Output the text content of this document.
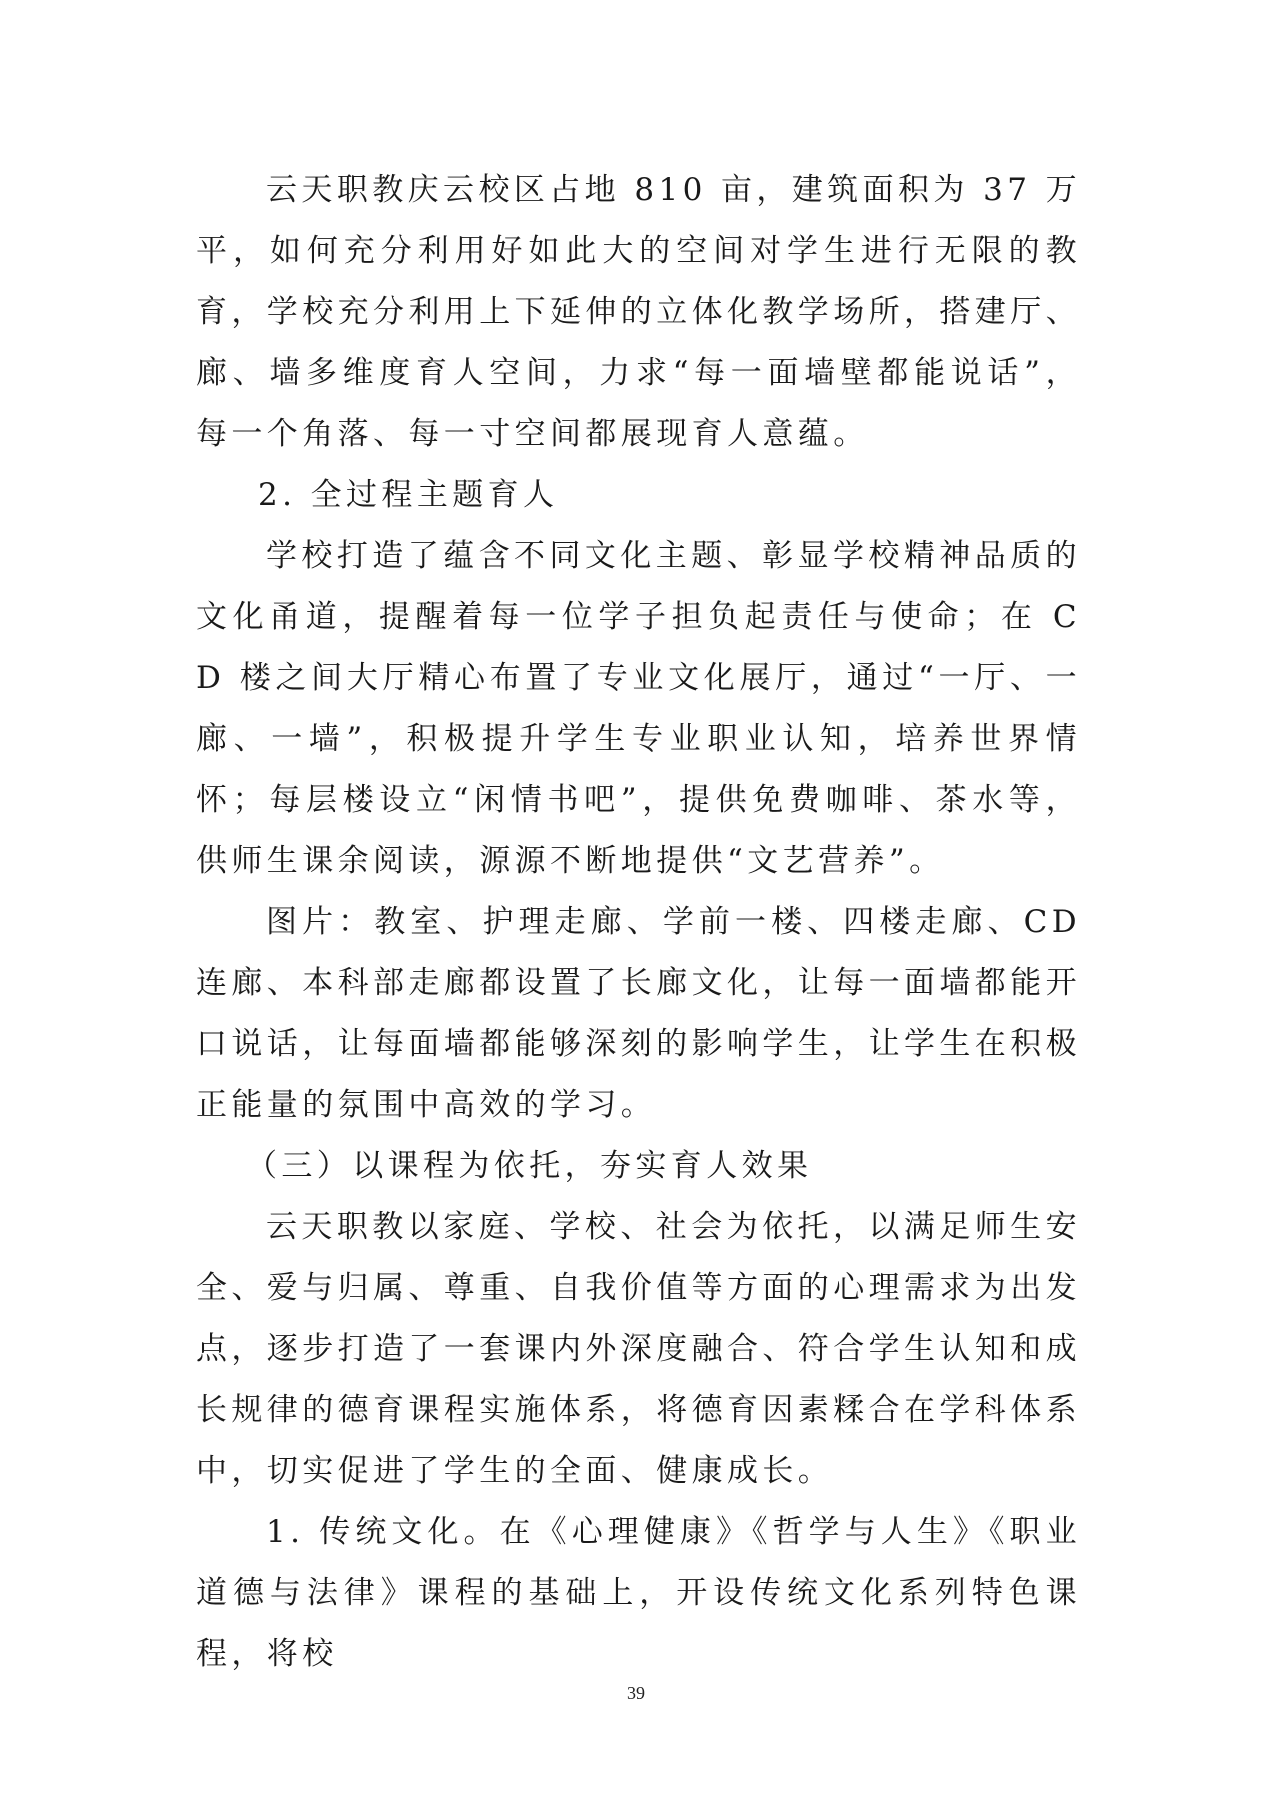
云天职教庆云校区占地 810 亩，建筑面积为 37 万平，如何充分利用好如此大的空间对学生进行无限的教育，学校充分利用上下延伸的立体化教学场所，搭建厅、廊、墙多维度育人空间，力求“每一面墙壁都能说话”，每一个角落、每一寸空间都展现育人意蕴。

2. 全过程主题育人

学校打造了蕴含不同文化主题、彰显学校精神品质的文化甬道，提醒着每一位学子担负起责任与使命；在 CD 楼之间大厅精心布置了专业文化展厅，通过“一厅、一廊、一墙”，积极提升学生专业职业认知，培养世界情怀；每层楼设立“闲情书吧”，提供免费咖啡、茶水等，供师生课余阅读，源源不断地提供“文艺营养”。

图片：教室、护理走廊、学前一楼、四楼走廊、CD 连廊、本科部走廊都设置了长廊文化，让每一面墙都能开口说话，让每面墙都能够深刻的影响学生，让学生在积极正能量的氛围中高效的学习。

（三）以课程为依托，夯实育人效果

云天职教以家庭、学校、社会为依托，以满足师生安全、爱与归属、尊重、自我价值等方面的心理需求为出发点，逐步打造了一套课内外深度融合、符合学生认知和成长规律的德育课程实施体系，将德育因素糅合在学科体系中，切实促进了学生的全面、健康成长。

1. 传统文化。在《心理健康》《哲学与人生》《职业道德与法律》课程的基础上，开设传统文化系列特色课程，将校

39
